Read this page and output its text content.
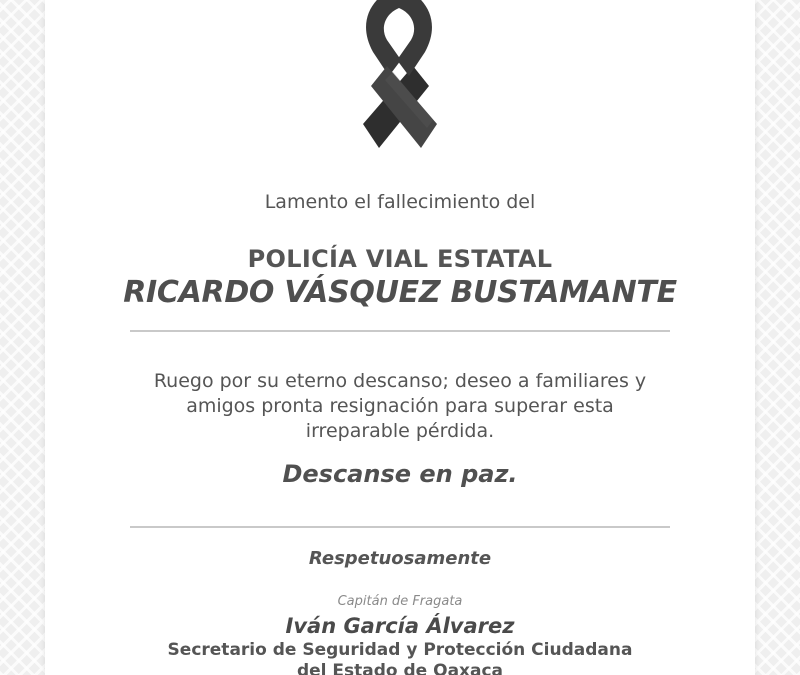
Lamento el fallecimiento del
POLICÍA VIAL ESTATAL
RICARDO VÁSQUEZ BUSTAMANTE
Ruego por su eterno descanso; deseo a familiares y
amigos pronta resignación para superar esta
irreparable pérdida.
Descanse en paz.
Respetuosamente
Capitán de Fragata
Iván García Álvarez
Secretario de Seguridad y Protección Ciudadana
del Estado de Oaxaca
